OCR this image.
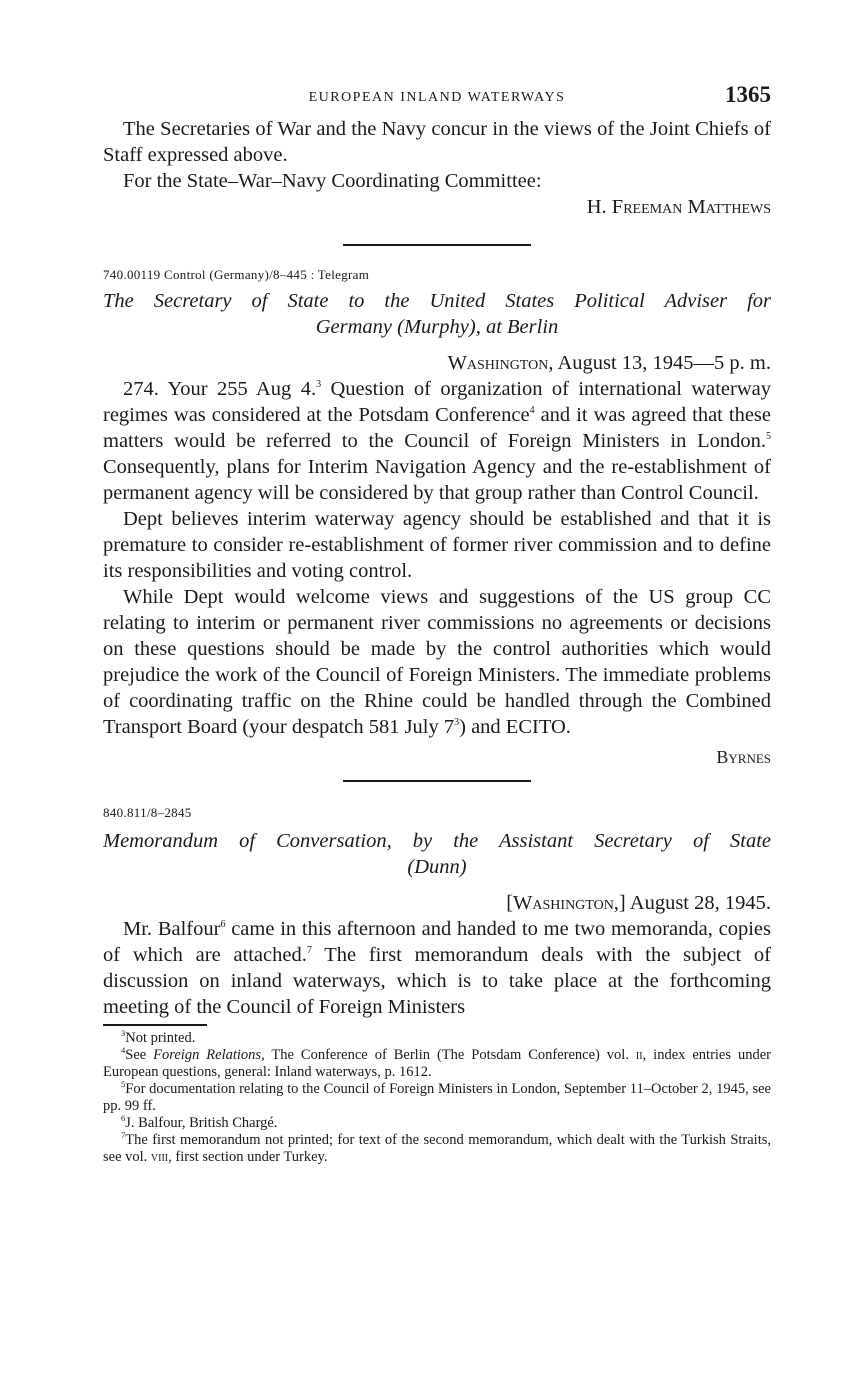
EUROPEAN INLAND WATERWAYS	1365

The Secretaries of War and the Navy concur in the views of the Joint Chiefs of Staff expressed above.

For the State–War–Navy Coordinating Committee:

H. Freeman Matthews

740.00119 Control (Germany)/8–445 : Telegram
The Secretary of State to the United States Political Adviser for
Germany (Murphy), at Berlin

Washington, August 13, 1945—5 p. m.

274. Your 255 Aug 4.$^3$ Question of organization of international waterway regimes was considered at the Potsdam Conference$^4$ and it was agreed that these matters would be referred to the Council of Foreign Ministers in London.$^5$ Consequently, plans for Interim Navigation Agency and the re-establishment of permanent agency will be considered by that group rather than Control Council.

Dept believes interim waterway agency should be established and that it is premature to consider re-establishment of former river commission and to define its responsibilities and voting control.

While Dept would welcome views and suggestions of the US group CC relating to interim or permanent river commissions no agreements or decisions on these questions should be made by the control authorities which would prejudice the work of the Council of Foreign Ministers. The immediate problems of coordinating traffic on the Rhine could be handled through the Combined Transport Board (your despatch 581 July $7^3$) and ECITO.

Byrnes

840.811/8–2845
Memorandum of Conversation, by the Assistant Secretary of State
(Dunn)

[Washington,] August 28, 1945.

Mr. Balfour$^6$ came in this afternoon and handed to me two memoranda, copies of which are attached.$^7$ The first memorandum deals with the subject of discussion on inland waterways, which is to take place at the forthcoming meeting of the Council of Foreign Ministers

$^3$Not printed.

$^4$See Foreign Relations, The Conference of Berlin (The Potsdam Conference) vol. ii, index entries under European questions, general: Inland waterways, p. 1612.

$^5$For documentation relating to the Council of Foreign Ministers in London, September 11–October 2, 1945, see pp. 99 ff.

$^6$J. Balfour, British Chargé.

$^7$The first memorandum not printed; for text of the second memorandum, which dealt with the Turkish Straits, see vol. viii, first section under Turkey.
